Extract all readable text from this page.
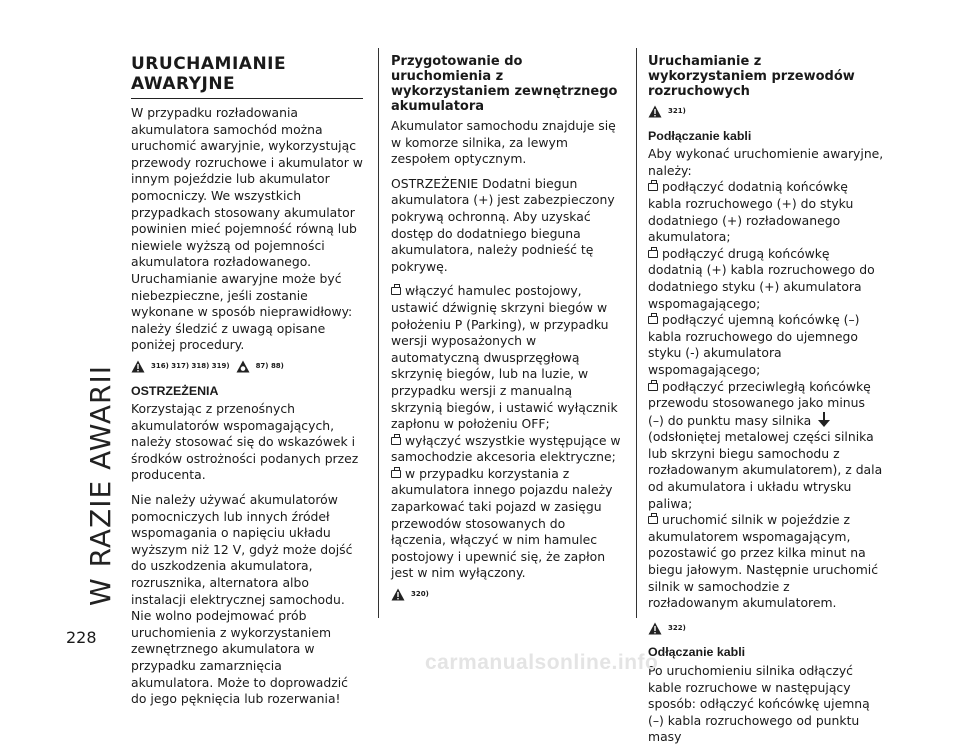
W RAZIE AWARII
228
URUCHAMIANIE AWARYJNE

W przypadku rozładowania akumulatora samochód można uruchomić awaryjnie, wykorzystując przewody rozruchowe i akumulator w innym pojeździe lub akumulator pomocniczy. We wszystkich przypadkach stosowany akumulator powinien mieć pojemność równą lub niewiele wyższą od pojemności akumulatora rozładowanego.

Uruchamianie awaryjne może być niebezpieczne, jeśli zostanie wykonane w sposób nieprawidłowy: należy śledzić z uwagą opisane poniżej procedury.

316) 317) 318) 319)	87) 88)
OSTRZEŻENIA

Korzystając z przenośnych akumulatorów wspomagających, należy stosować się do wskazówek i środków ostrożności podanych przez producenta.

Nie należy używać akumulatorów pomocniczych lub innych źródeł wspomagania o napięciu układu wyższym niż 12 V, gdyż może dojść do uszkodzenia akumulatora, rozrusznika, alternatora albo instalacji elektrycznej samochodu.

Nie wolno podejmować prób uruchomienia z wykorzystaniem zewnętrznego akumulatora w przypadku zamarznięcia akumulatora. Może to doprowadzić do jego pęknięcia lub rozerwania!

Przygotowanie do uruchomienia z wykorzystaniem zewnętrznego akumulatora

Akumulator samochodu znajduje się w komorze silnika, za lewym zespołem optycznym.

OSTRZEŻENIE Dodatni biegun akumulatora (+) jest zabezpieczony pokrywą ochronną. Aby uzyskać dostęp do dodatniego bieguna akumulatora, należy podnieść tę pokrywę.

włączyć hamulec postojowy, ustawić dźwignię skrzyni biegów w położeniu P (Parking), w przypadku wersji wyposażonych w automatyczną dwusprzęgłową skrzynię biegów, lub na luzie, w przypadku wersji z manualną skrzynią biegów, i ustawić wyłącznik zapłonu w położeniu OFF;
wyłączyć wszystkie występujące w samochodzie akcesoria elektryczne;
w przypadku korzystania z akumulatora innego pojazdu należy zaparkować taki pojazd w zasięgu przewodów stosowanych do łączenia, włączyć w nim hamulec postojowy i upewnić się, że zapłon jest w nim wyłączony.
320)
Uruchamianie z wykorzystaniem przewodów rozruchowych
321)
Podłączanie kabli

Aby wykonać uruchomienie awaryjne, należy:

podłączyć dodatnią końcówkę kabla rozruchowego (+) do styku dodatniego (+) rozładowanego akumulatora;
podłączyć drugą końcówkę dodatnią (+) kabla rozruchowego do dodatniego styku (+) akumulatora wspomagającego;
podłączyć ujemną końcówkę (–) kabla rozruchowego do ujemnego styku (-) akumulatora wspomagającego;
podłączyć przeciwległą końcówkę przewodu stosowanego jako minus (–) do punktu masy silnika (odsłoniętej metalowej części silnika lub skrzyni biegu samochodu z rozładowanym akumulatorem), z dala od akumulatora i układu wtrysku paliwa;
uruchomić silnik w pojeździe z akumulatorem wspomagającym, pozostawić go przez kilka minut na biegu jałowym. Następnie uruchomić silnik w samochodzie z rozładowanym akumulatorem.
322)
Odłączanie kabli

Po uruchomieniu silnika odłączyć kable rozruchowe w następujący sposób: odłączyć końcówkę ujemną (–) kabla rozruchowego od punktu masy

carmanualsonline.info
